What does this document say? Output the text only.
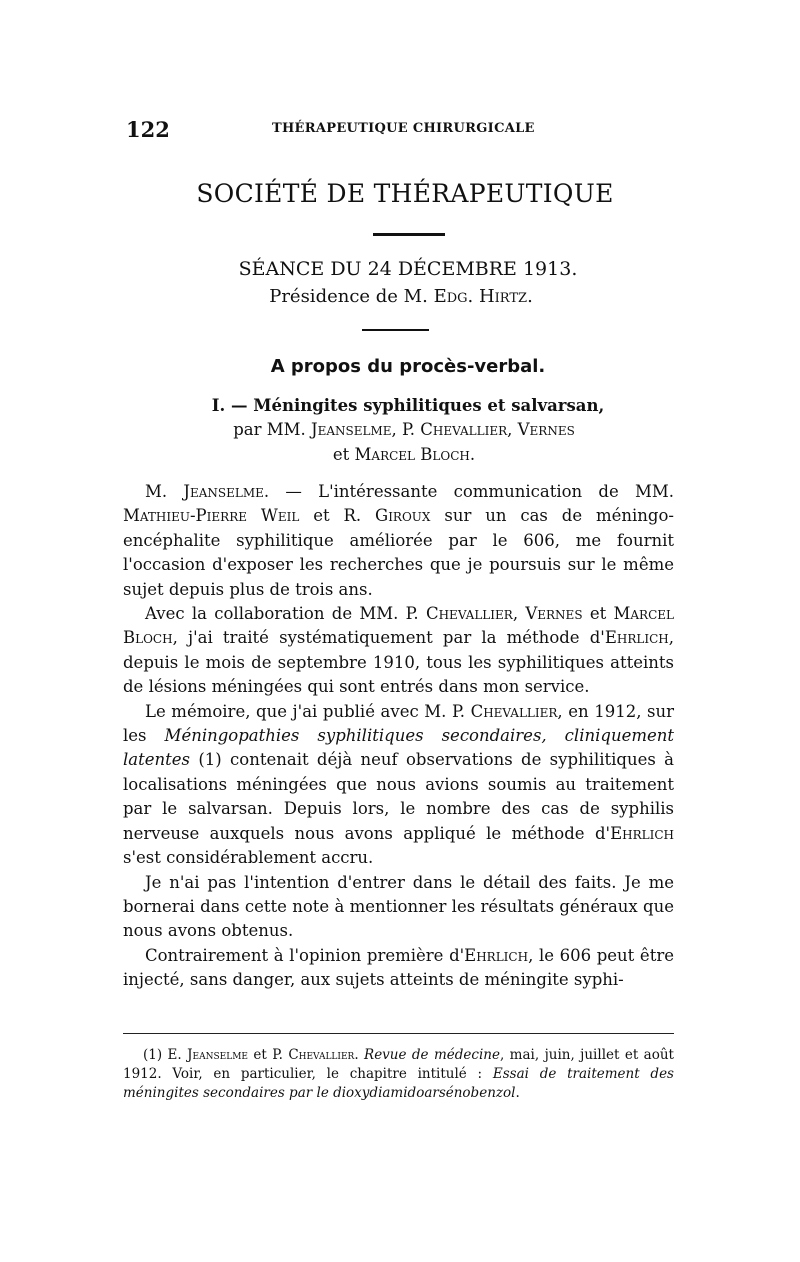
122	THÉRAPEUTIQUE CHIRURGICALE
SOCIÉTÉ DE THÉRAPEUTIQUE
SÉANCE DU 24 DÉCEMBRE 1913.
Présidence de M. Edg. Hirtz.
A propos du procès-verbal.
I. — Méningites syphilitiques et salvarsan,
par MM. Jeanselme, P. Chevallier, Vernes
et Marcel Bloch.

M. Jeanselme. — L'intéressante communication de MM. Mathieu-Pierre Weil et R. Giroux sur un cas de méningo-encéphalite syphilitique améliorée par le 606, me fournit l'occasion d'exposer les recherches que je poursuis sur le même sujet depuis plus de trois ans.

Avec la collaboration de MM. P. Chevallier, Vernes et Marcel Bloch, j'ai traité systématiquement par la méthode d'Ehrlich, depuis le mois de septembre 1910, tous les syphilitiques atteints de lésions méningées qui sont entrés dans mon service.

Le mémoire, que j'ai publié avec M. P. Chevallier, en 1912, sur les Méningopathies syphilitiques secondaires, cliniquement latentes (1) contenait déjà neuf observations de syphilitiques à localisations méningées que nous avions soumis au traitement par le salvarsan. Depuis lors, le nombre des cas de syphilis nerveuse auxquels nous avons appliqué le méthode d'Ehrlich s'est considérablement accru.

Je n'ai pas l'intention d'entrer dans le détail des faits. Je me bornerai dans cette note à mentionner les résultats généraux que nous avons obtenus.

Contrairement à l'opinion première d'Ehrlich, le 606 peut être injecté, sans danger, aux sujets atteints de méningite syphi-

(1) E. Jeanselme et P. Chevallier. Revue de médecine, mai, juin, juillet et août 1912. Voir, en particulier, le chapitre intitulé : Essai de traitement des méningites secondaires par le dioxydiamidoarsénobenzol.
